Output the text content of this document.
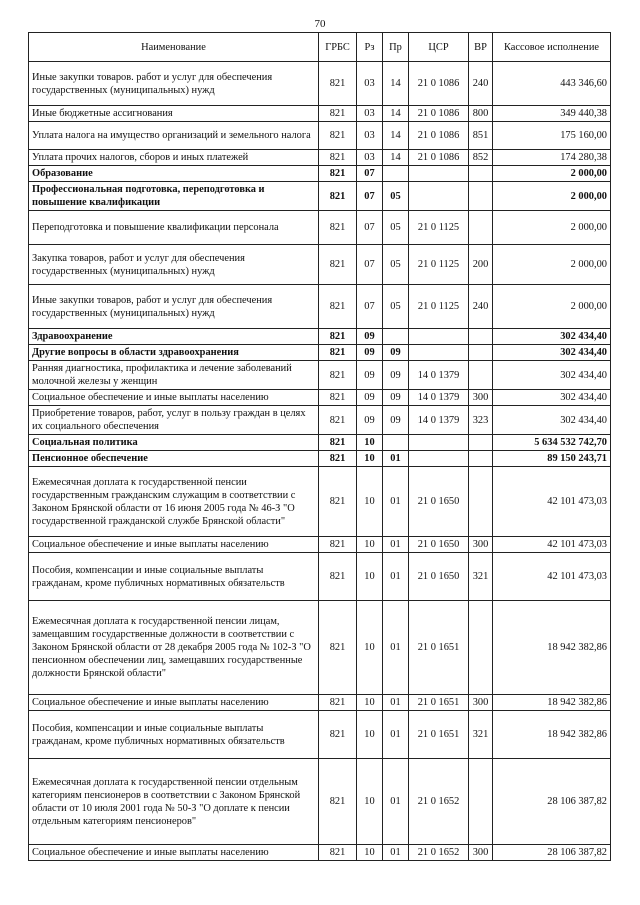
70
Наименование	ГРБС	Рз	Пр	ЦСР	ВР	Кассовое исполнение
Иные закупки товаров. работ и услуг для обеспечения государственных (муниципальных) нужд	821	03	14	21 0 1086	240	443 346,60
Иные бюджетные ассигнования	821	03	14	21 0 1086	800	349 440,38
Уплата налога на имущество организаций и земельного налога	821	03	14	21 0 1086	851	175 160,00
Уплата прочих налогов, сборов и иных платежей	821	03	14	21 0 1086	852	174 280,38
Образование	821	07				2 000,00
Профессиональная подготовка, переподготовка и повышение квалификации	821	07	05			2 000,00
Переподготовка и повышение квалификации персонала	821	07	05	21 0 1125		2 000,00
Закупка товаров, работ и услуг для обеспечения государственных (муниципальных) нужд	821	07	05	21 0 1125	200	2 000,00
Иные закупки товаров, работ и услуг для обеспечения государственных (муниципальных) нужд	821	07	05	21 0 1125	240	2 000,00
Здравоохранение	821	09				302 434,40
Другие вопросы в области здравоохранения	821	09	09			302 434,40
Ранняя диагностика, профилактика и лечение заболеваний молочной железы у женщин	821	09	09	14 0 1379		302 434,40
Социальное обеспечение и иные выплаты населению	821	09	09	14 0 1379	300	302 434,40
Приобретение товаров, работ, услуг в пользу граждан в целях их социального обеспечения	821	09	09	14 0 1379	323	302 434,40
Социальная политика	821	10				5 634 532 742,70
Пенсионное обеспечение	821	10	01			89 150 243,71
Ежемесячная доплата к государственной пенсии государственным гражданским служащим в соответствии с Законом Брянской области от 16 июня 2005 года № 46-З "О государственной гражданской службе Брянской области"	821	10	01	21 0 1650		42 101 473,03
Социальное обеспечение и иные выплаты населению	821	10	01	21 0 1650	300	42 101 473,03
Пособия, компенсации и иные социальные выплаты гражданам, кроме публичных нормативных обязательств	821	10	01	21 0 1650	321	42 101 473,03
Ежемесячная доплата к государственной пенсии лицам, замещавшим государственные должности в соответствии с Законом Брянской области от 28 декабря 2005 года № 102-З "О пенсионном обеспечении лиц, замещавших государственные должности Брянской области"	821	10	01	21 0 1651		18 942 382,86
Социальное обеспечение и иные выплаты населению	821	10	01	21 0 1651	300	18 942 382,86
Пособия, компенсации и иные социальные выплаты гражданам, кроме публичных нормативных обязательств	821	10	01	21 0 1651	321	18 942 382,86
Ежемесячная доплата к государственной пенсии отдельным категориям пенсионеров в соответствии с Законом Брянской области от 10 июля 2001 года № 50-З "О доплате к пенсии отдельным категориям пенсионеров"	821	10	01	21 0 1652		28 106 387,82
Социальное обеспечение и иные выплаты населению	821	10	01	21 0 1652	300	28 106 387,82
